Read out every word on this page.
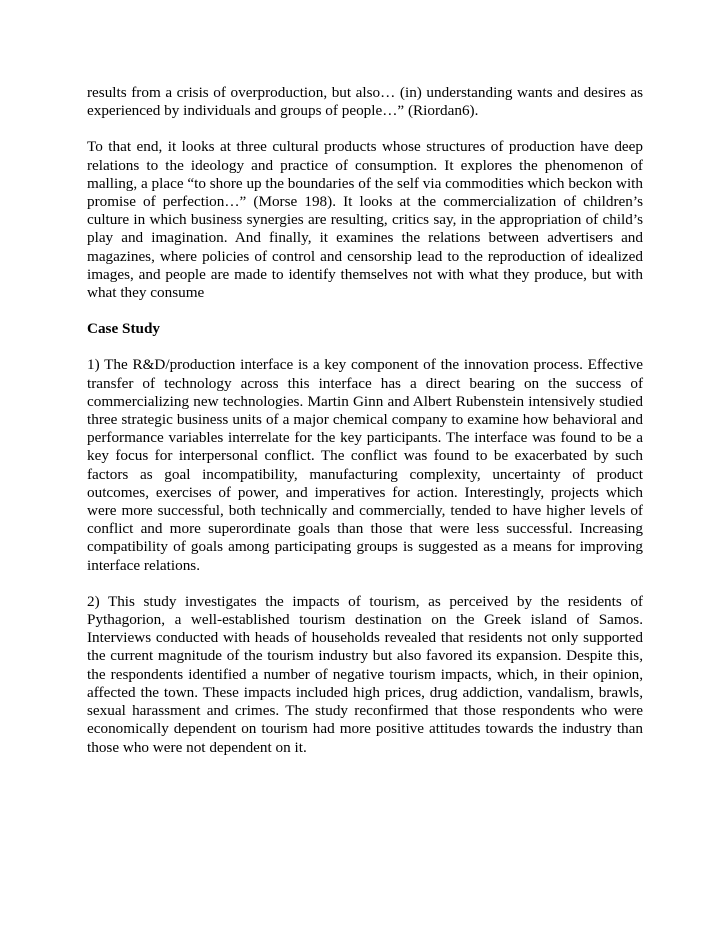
results from a crisis of overproduction, but also… (in) understanding wants and desires as experienced by individuals and groups of people…” (Riordan6).

To that end, it looks at three cultural products whose structures of production have deep relations to the ideology and practice of consumption. It explores the phenomenon of malling, a place “to shore up the boundaries of the self via commodities which beckon with promise of perfection…” (Morse 198). It looks at the commercialization of children’s culture in which business synergies are resulting, critics say, in the appropriation of child’s play and imagination. And finally, it examines the relations between advertisers and magazines, where policies of control and censorship lead to the reproduction of idealized images, and people are made to identify themselves not with what they produce, but with what they consume

Case Study

1) The R&D/production interface is a key component of the innovation process. Effective transfer of technology across this interface has a direct bearing on the success of commercializing new technologies. Martin Ginn and Albert Rubenstein intensively studied three strategic business units of a major chemical company to examine how behavioral and performance variables interrelate for the key participants. The interface was found to be a key focus for interpersonal conflict. The conflict was found to be exacerbated by such factors as goal incompatibility, manufacturing complexity, uncertainty of product outcomes, exercises of power, and imperatives for action. Interestingly, projects which were more successful, both technically and commercially, tended to have higher levels of conflict and more superordinate goals than those that were less successful. Increasing compatibility of goals among participating groups is suggested as a means for improving interface relations.

2) This study investigates the impacts of tourism, as perceived by the residents of Pythagorion, a well-established tourism destination on the Greek island of Samos. Interviews conducted with heads of households revealed that residents not only supported the current magnitude of the tourism industry but also favored its expansion. Despite this, the respondents identified a number of negative tourism impacts, which, in their opinion, affected the town. These impacts included high prices, drug addiction, vandalism, brawls, sexual harassment and crimes. The study reconfirmed that those respondents who were economically dependent on tourism had more positive attitudes towards the industry than those who were not dependent on it.
